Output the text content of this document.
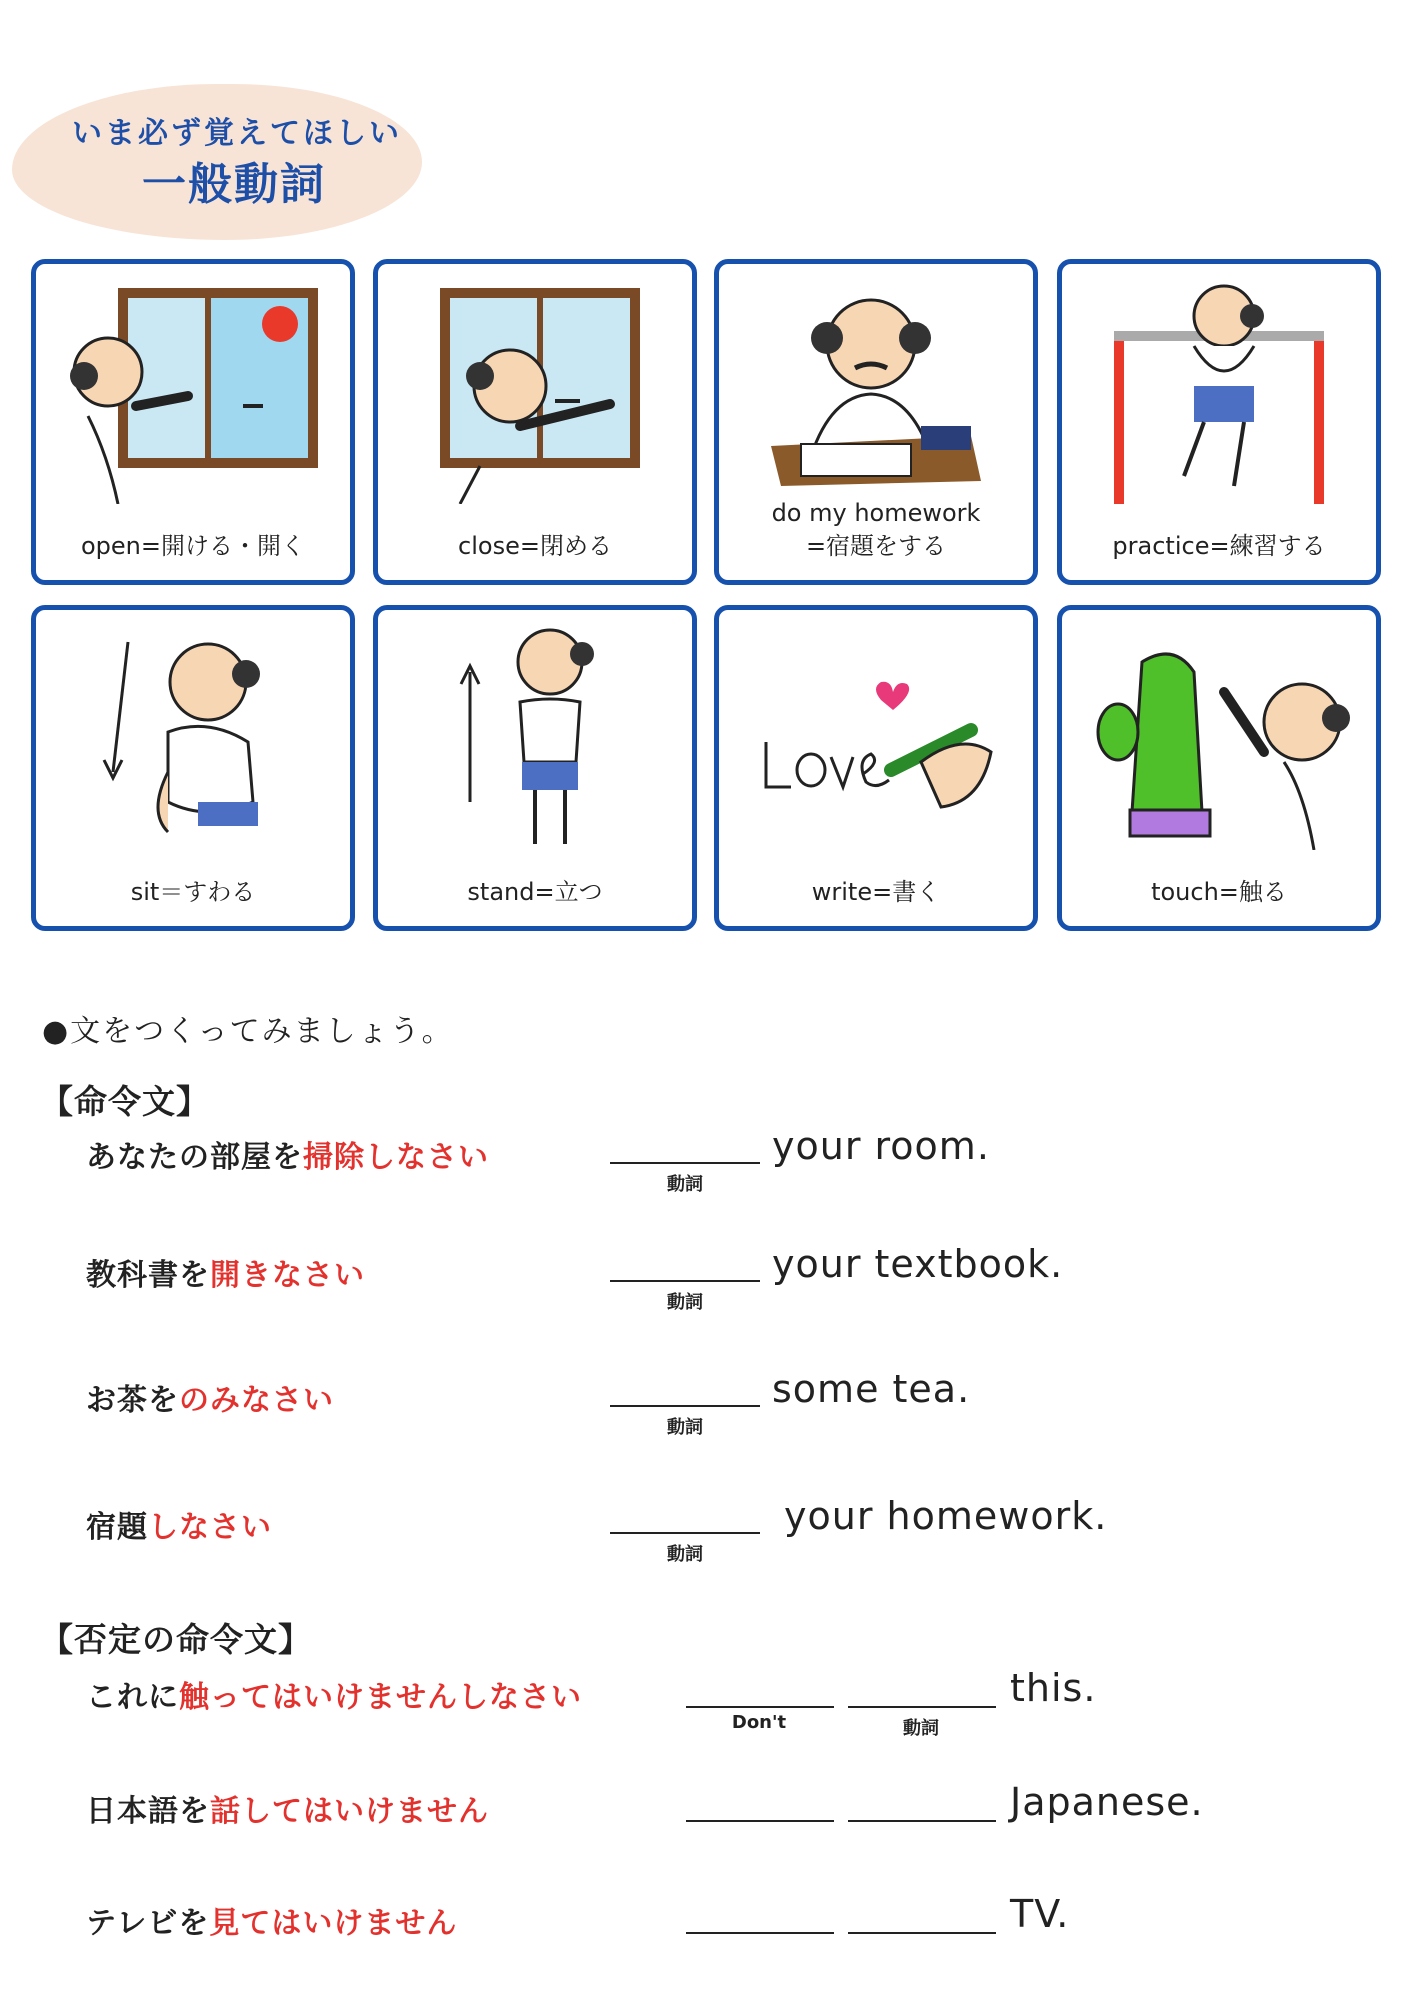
いま必ず覚えてほしい
一般動詞
open=開ける・開く	close=閉める
do my homework
=宿題をする	practice=練習する
sit＝すわる	stand=立つ	write=書く	touch=触る
●文をつくってみましょう。
【命令文】
あなたの部屋を掃除しなさい
動詞
your room.
教科書を開きなさい
動詞
your textbook.
お茶をのみなさい
動詞
some tea.
宿題しなさい
動詞
your homework.
【否定の命令文】
これに触ってはいけませんしなさい
Don't	動詞
this.
日本語を話してはいけません	Japanese.
テレビを見てはいけません	TV.
